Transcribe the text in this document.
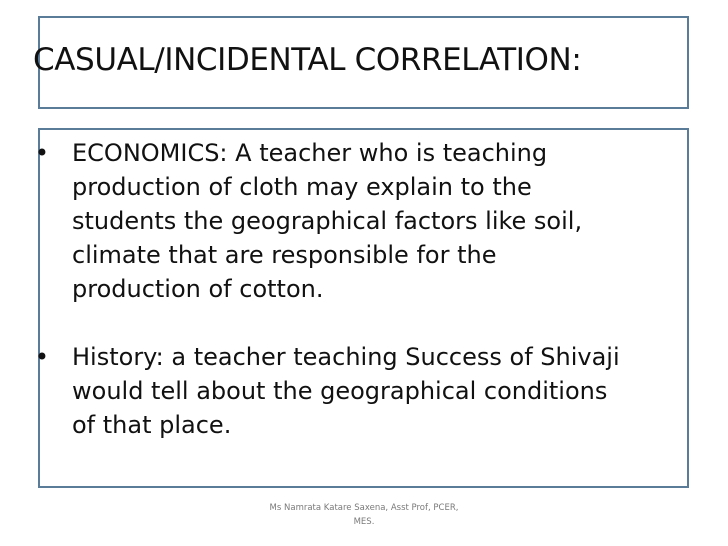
CASUAL/INCIDENTAL CORRELATION:
• ECONOMICS: A teacher who is teaching
production of cloth may explain to the
students the geographical factors like soil,
climate that are responsible for the
production of cotton.
• History: a teacher teaching Success of Shivaji
would tell about the geographical conditions
of that place.
Ms Namrata Katare Saxena, Asst Prof, PCER,
MES.
